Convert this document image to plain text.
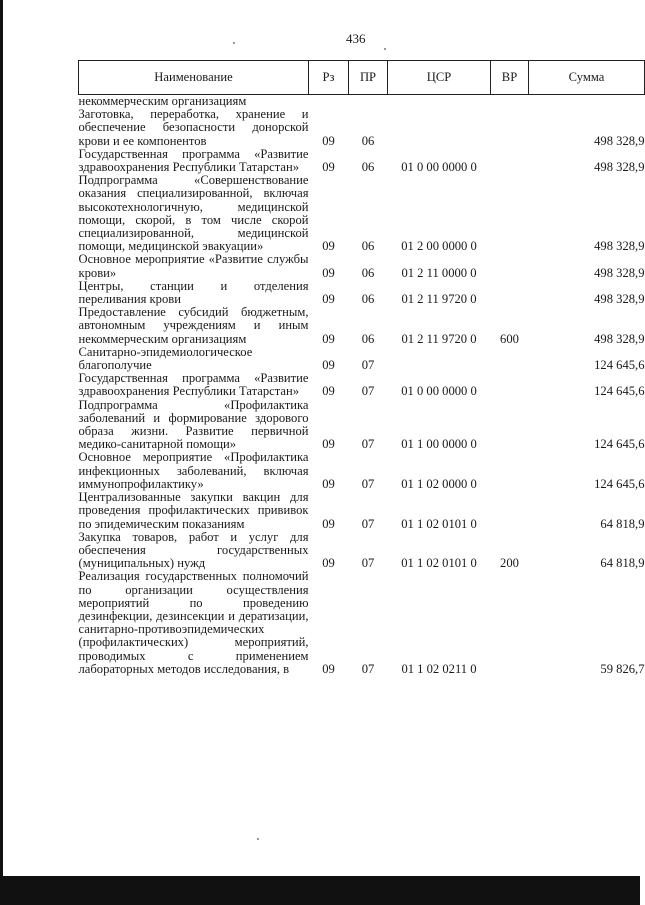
436
Наименование	Рз	ПР	ЦСР	ВР	Сумма
некоммерческим организациям					
Заготовка, переработка, хранение и обеспечение безопасности донорской крови и ее компонентов	09	06			498 328,9
Государственная программа «Развитие здравоохранения Республики Татарстан»	09	06	01 0 00 0000 0		498 328,9
Подпрограмма «Совершенствование оказания специализированной, включая высокотехнологичную, медицинской помощи, скорой, в том числе скорой специализированной, медицинской помощи, медицинской эвакуации»	09	06	01 2 00 0000 0		498 328,9
Основное мероприятие «Развитие службы крови»	09	06	01 2 11 0000 0		498 328,9
Центры, станции и отделения переливания крови	09	06	01 2 11 9720 0		498 328,9
Предоставление субсидий бюджетным, автономным учреждениям и иным некоммерческим организациям	09	06	01 2 11 9720 0	600	498 328,9
Санитарно-эпидемиологическое благополучие	09	07			124 645,6
Государственная программа «Развитие здравоохранения Республики Татарстан»	09	07	01 0 00 0000 0		124 645,6
Подпрограмма «Профилактика заболеваний и формирование здорового образа жизни. Развитие первичной медико-санитарной помощи»	09	07	01 1 00 0000 0		124 645,6
Основное мероприятие «Профилактика инфекционных заболеваний, включая иммунопрофилактику»	09	07	01 1 02 0000 0		124 645,6
Централизованные закупки вакцин для проведения профилактических прививок по эпидемическим показаниям	09	07	01 1 02 0101 0		64 818,9
Закупка товаров, работ и услуг для обеспечения государственных (муниципальных) нужд	09	07	01 1 02 0101 0	200	64 818,9
Реализация государственных полномочий по организации осуществления мероприятий по проведению дезинфекции, дезинсекции и дератизации, санитарно-противоэпидемических (профилактических) мероприятий, проводимых с применением лабораторных методов исследования, в	09	07	01 1 02 0211 0		59 826,7
